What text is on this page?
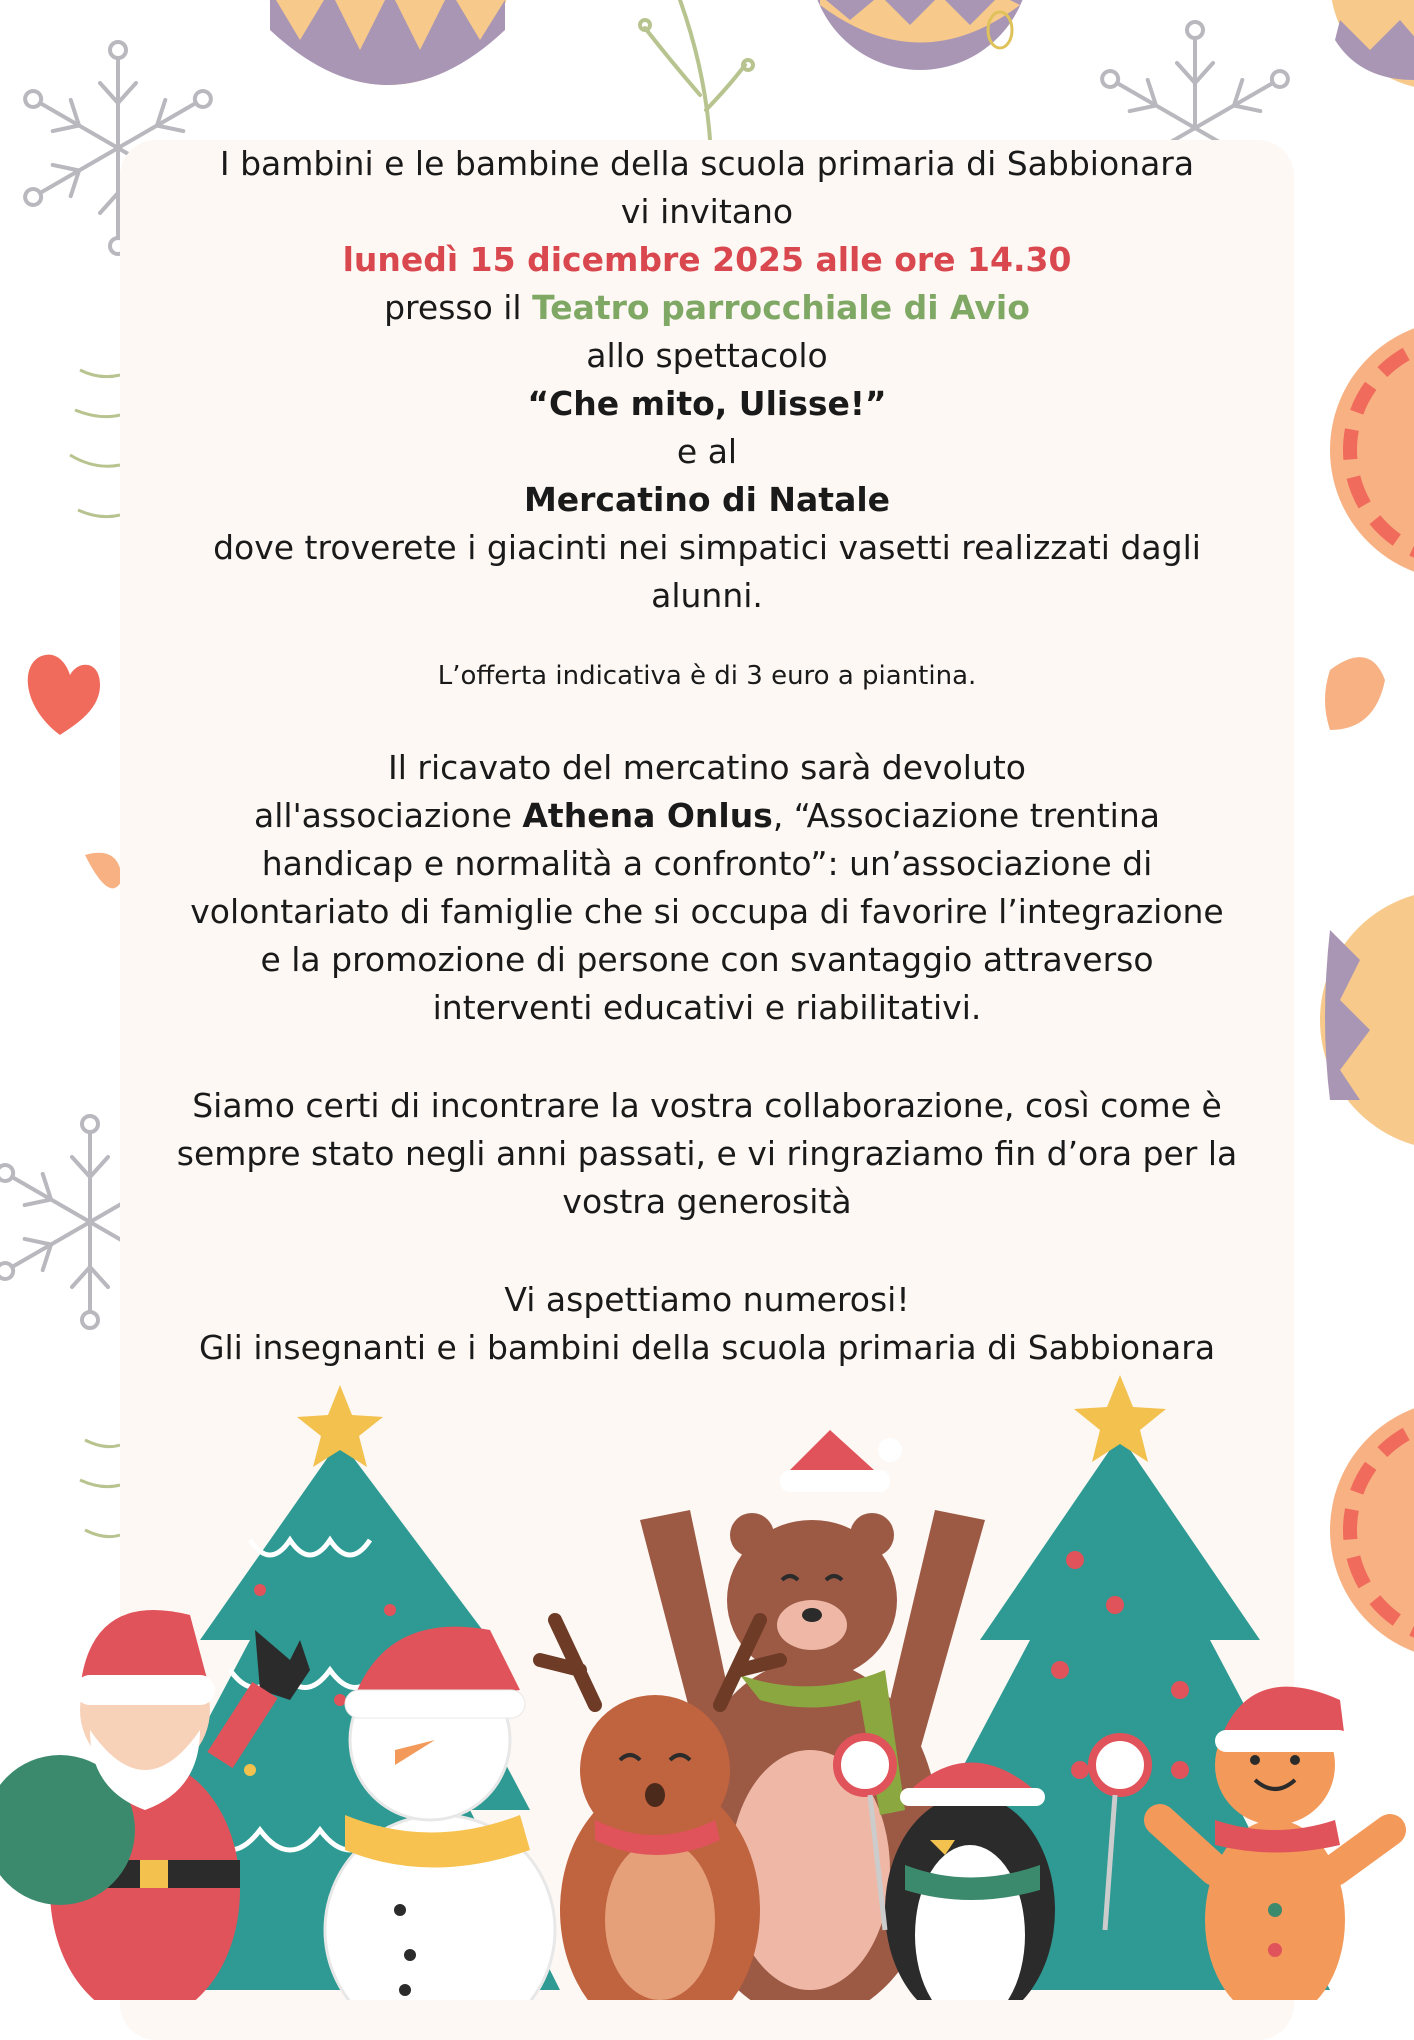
I bambini e le bambine della scuola primaria di Sabbionara

vi invitano

lunedì 15 dicembre 2025 alle ore 14.30

presso il Teatro parrocchiale di Avio

allo spettacolo

“Che mito, Ulisse!”

e al

Mercatino di Natale

dove troverete i giacinti nei simpatici vasetti realizzati dagli

alunni.

L’offerta indicativa è di 3 euro a piantina.

Il ricavato del mercatino sarà devoluto

all'associazione Athena Onlus, “Associazione trentina

handicap e normalità a confronto”: un’associazione di

volontariato di famiglie che si occupa di favorire l’integrazione

e la promozione di persone con svantaggio attraverso

interventi educativi e riabilitativi.

Siamo certi di incontrare la vostra collaborazione, così come è

sempre stato negli anni passati, e vi ringraziamo fin d’ora per la

vostra generosità

Vi aspettiamo numerosi!

Gli insegnanti e i bambini della scuola primaria di Sabbionara
